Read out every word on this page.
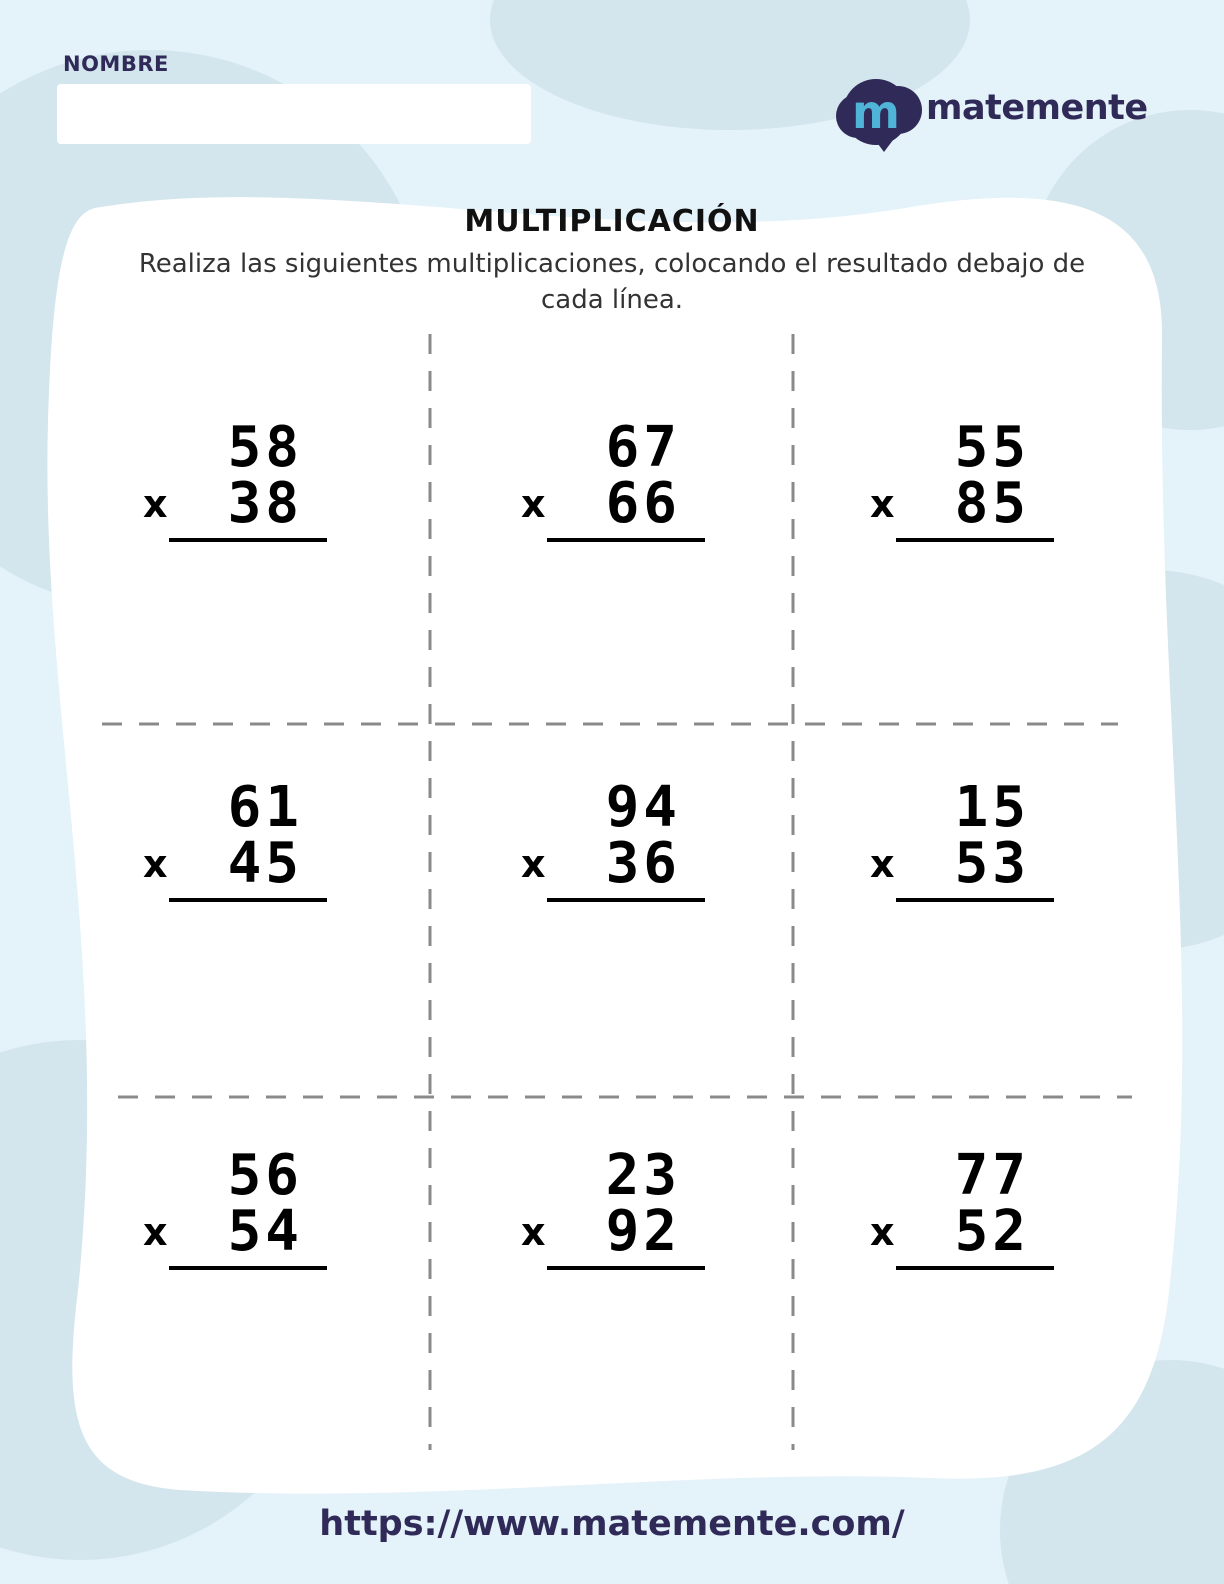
NOMBRE
m matemente
MULTIPLICACIÓN
Realiza las siguientes multiplicaciones, colocando el resultado debajo de cada línea.
58
x 38
67
x 66
55
x 85
61
x 45
94
x 36
15
x 53
56
x 54
23
x 92
77
x 52
https://www.matemente.com/
